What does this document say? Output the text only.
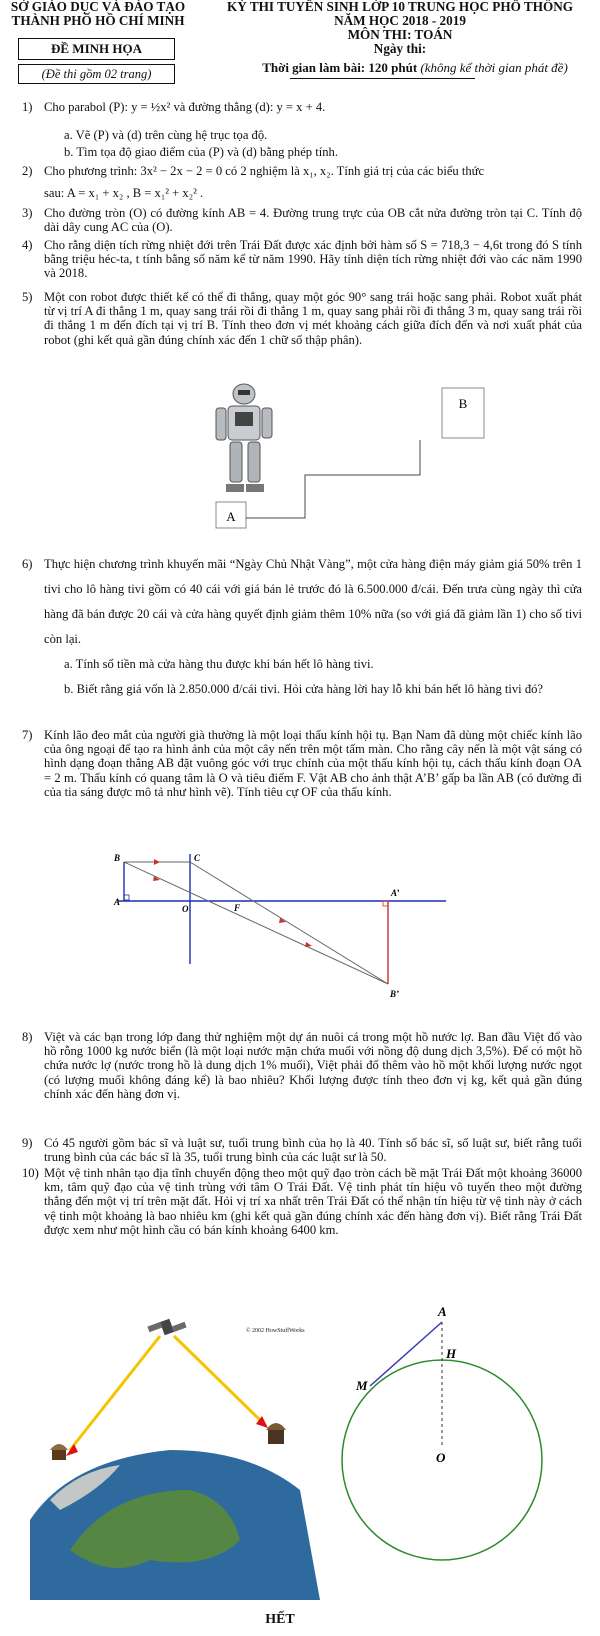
SỞ GIÁO DỤC VÀ ĐÀO TẠO
THÀNH PHỐ HỒ CHÍ MINH
KỲ THI TUYỂN SINH LỚP 10 TRUNG HỌC PHỔ THÔNG
NĂM HỌC 2018 - 2019
MÔN THI: TOÁN
Ngày thi:
Thời gian làm bài: 120 phút (không kể thời gian phát đề)
ĐỀ MINH HỌA
(Đề thi gồm 02 trang)
1) Cho parabol (P): y = ½x² và đường thẳng (d): y = x + 4.
a. Vẽ (P) và (d) trên cùng hệ trục tọa độ.
b. Tìm tọa độ giao điểm của (P) và (d) bằng phép tính.
2) Cho phương trình: 3x² − 2x − 2 = 0 có 2 nghiệm là x₁, x₂. Tính giá trị của các biểu thức
sau: A = x₁ + x₂ , B = x₁² + x₂² .
3) Cho đường tròn (O) có đường kính AB = 4. Đường trung trực của OB cắt nửa đường tròn tại C. Tính độ dài dây cung AC của (O).
4) Cho rằng diện tích rừng nhiệt đới trên Trái Đất được xác định bởi hàm số S = 718,3 − 4,6t trong đó S tính bằng triệu héc-ta, t tính bằng số năm kể từ năm 1990. Hãy tính diện tích rừng nhiệt đới vào các năm 1990 và 2018.
5) Một con robot được thiết kế có thể đi thẳng, quay một góc 90° sang trái hoặc sang phải. Robot xuất phát từ vị trí A đi thẳng 1 m, quay sang trái rồi đi thẳng 1 m, quay sang phải rồi đi thẳng 3 m, quay sang trái rồi đi thẳng 1 m đến đích tại vị trí B. Tính theo đơn vị mét khoảng cách giữa đích đến và nơi xuất phát của robot (ghi kết quả gần đúng chính xác đến 1 chữ số thập phân).
A
B
6) Thực hiện chương trình khuyến mãi “Ngày Chủ Nhật Vàng”, một cửa hàng điện máy giảm giá 50% trên 1 tivi cho lô hàng tivi gồm có 40 cái với giá bán lẻ trước đó là 6.500.000 đ/cái. Đến trưa cùng ngày thì cửa hàng đã bán được 20 cái và cửa hàng quyết định giảm thêm 10% nữa (so với giá đã giảm lần 1) cho số tivi còn lại.
a. Tính số tiền mà cửa hàng thu được khi bán hết lô hàng tivi.
b. Biết rằng giá vốn là 2.850.000 đ/cái tivi. Hỏi cửa hàng lời hay lỗ khi bán hết lô hàng tivi đó?
7) Kính lão đeo mắt của người già thường là một loại thấu kính hội tụ. Bạn Nam đã dùng một chiếc kính lão của ông ngoại để tạo ra hình ảnh của một cây nến trên một tấm màn. Cho rằng cây nến là một vật sáng có hình dạng đoạn thẳng AB đặt vuông góc với trục chính của một thấu kính hội tụ, cách thấu kính đoạn OA = 2 m. Thấu kính có quang tâm là O và tiêu điểm F. Vật AB cho ảnh thật A’B’ gấp ba lần AB (có đường đi của tia sáng được mô tả như hình vẽ). Tính tiêu cự OF của thấu kính.
B
A
C
O	F
A’
B’
8) Việt và các bạn trong lớp đang thử nghiệm một dự án nuôi cá trong một hồ nước lợ. Ban đầu Việt đổ vào hồ rỗng 1000 kg nước biển (là một loại nước mặn chứa muối với nồng độ dung dịch 3,5%). Để có một hồ chứa nước lợ (nước trong hồ là dung dịch 1% muối), Việt phải đổ thêm vào hồ một khối lượng nước ngọt (có lượng muối không đáng kể) là bao nhiêu? Khối lượng được tính theo đơn vị kg, kết quả gần đúng chính xác đến hàng đơn vị.
9) Có 45 người gồm bác sĩ và luật sư, tuổi trung bình của họ là 40. Tính số bác sĩ, số luật sư, biết rằng tuổi trung bình của các bác sĩ là 35, tuổi trung bình của các luật sư là 50.
10) Một vệ tinh nhân tạo địa tĩnh chuyển động theo một quỹ đạo tròn cách bề mặt Trái Đất một khoảng 36000 km, tâm quỹ đạo của vệ tinh trùng với tâm O Trái Đất. Vệ tinh phát tín hiệu vô tuyến theo một đường thẳng đến một vị trí trên mặt đất. Hỏi vị trí xa nhất trên Trái Đất có thể nhận tín hiệu từ vệ tinh này ở cách vệ tinh một khoảng là bao nhiêu km (ghi kết quả gần đúng chính xác đến hàng đơn vị). Biết rằng Trái Đất được xem như một hình cầu có bán kính khoảng 6400 km.
© 2002 HowStuffWorks
A
H
M
O
HẾT
